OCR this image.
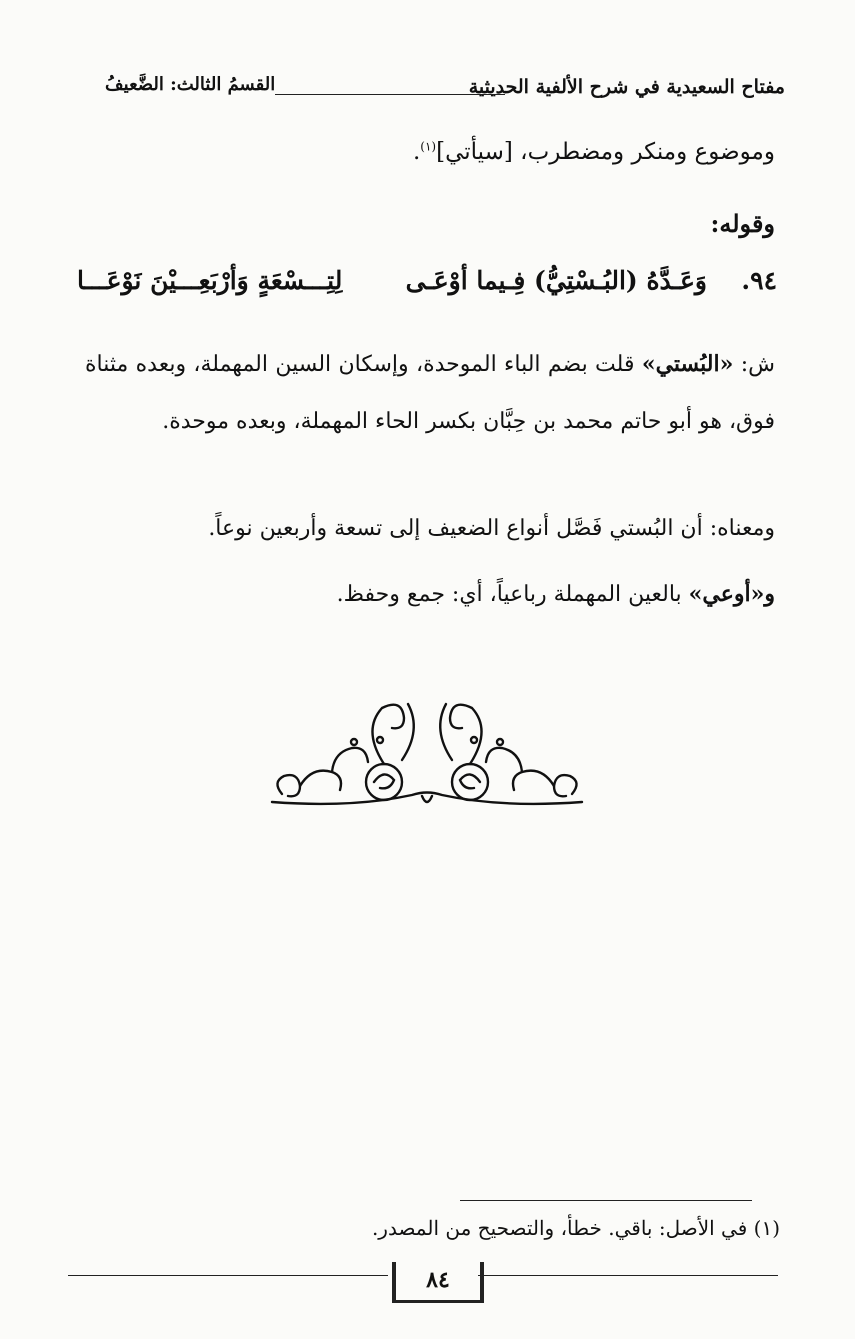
مفتاح السعيدية في شرح الألفية الحديثية
القسمُ الثالث: الضَّعيفُ
وموضوع ومنكر ومضطرب، [سيأتي]$^{(١)}$.
وقوله:
٩٤.
وَعَـدَّهُ (البُـسْتِيُّ) فِـيما أوْعَـى
لِتِـــسْعَةٍ وَأرْبَعِـــيْنَ نَوْعَـــا
ش: «البُستي» قلت بضم الباء الموحدة، وإسكان السين المهملة، وبعده مثناة فوق، هو أبو حاتم محمد بن حِبَّان بكسر الحاء المهملة، وبعده موحدة.
ومعناه: أن البُستي فَصَّل أنواع الضعيف إلى تسعة وأربعين نوعاً.
و«أوعي» بالعين المهملة رباعياً، أي: جمع وحفظ.
(١) في الأصل: باقي. خطأ، والتصحيح من المصدر.
٨٤
